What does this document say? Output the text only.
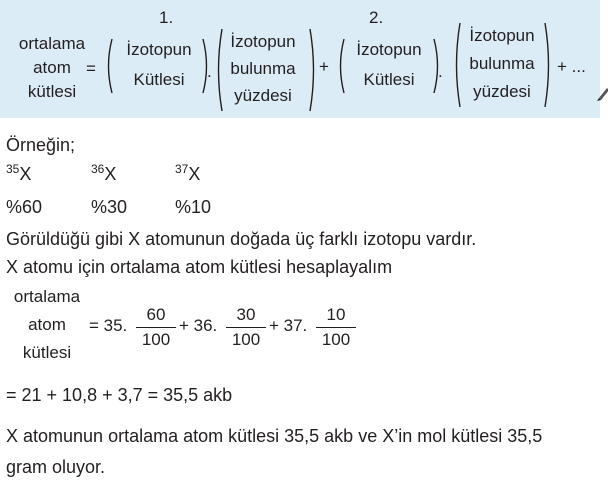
ortalama
atom
kütlesi
=
1.	2.
İzotopun
Kütlesi	.
İzotopun
bulunma
yüzdesi
+
İzotopun
Kütlesi	.
İzotopun
bulunma
yüzdesi
+ ...
Örneğin;
$^{35}$X	$^{36}$X	$^{37}$X
%60	%30	%10
Görüldüğü gibi X atomunun doğada üç farklı izotopu vardır.
X atomu için ortalama atom kütlesi hesaplayalım
ortalama
atom
kütlesi
= 35.
60
100
+ 36.
30
100
+ 37.
10
100
= 21 + 10,8 + 3,7 = 35,5 akb
X atomunun ortalama atom kütlesi 35,5 akb ve X’in mol kütlesi 35,5
gram oluyor.
